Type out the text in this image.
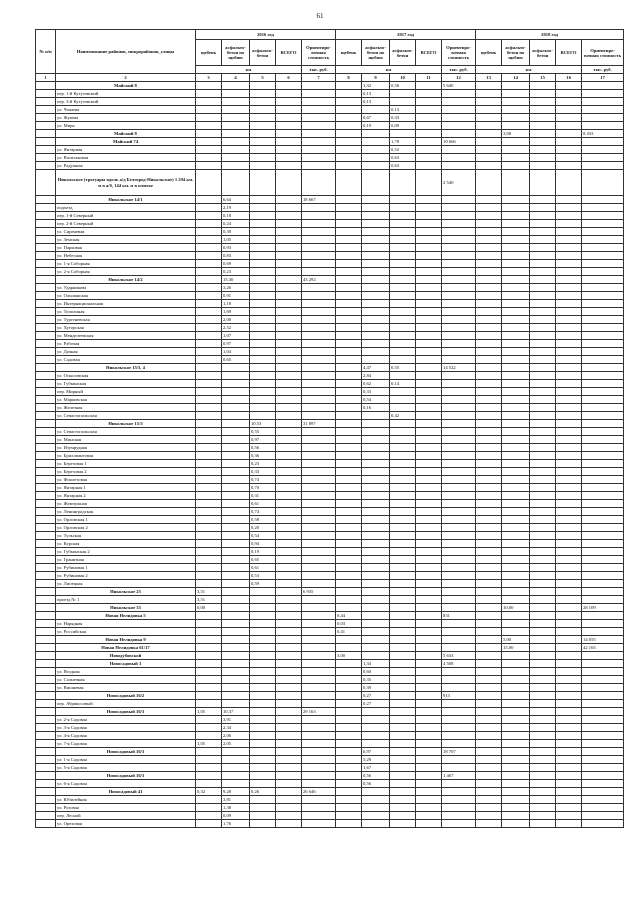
61
№ п/п	Наименование районов, микрорайонов, улицы	2016 год					2017 год					2018 год				
		щебень	асфальто-бетон по щебню	асфальто-бетон	ВСЕГО	Ориентиро-вочная стоимость	щебень	асфальто-бетон по щебню	асфальто-бетон	ВСЕГО	Ориентиро-вочная стоимость	щебень	асфальто-бетон по щебню	асфальто-бетон	ВСЕГО	Ориентиро-вочная стоимость
		км				тыс. руб.	км				тыс. руб.	км				тыс. руб.
1	2	3	4	5	6	7	8	9	10	11	12	13	14	15	16	17
	Майский 8							1,32	0,56		5 640					
	пер. 1-й Кутузовский							0,13								
	пер. 3-й Кутузовский							0,13								
	ул. Чапаева								0,13							
	ул. Жукова							0,67	0,33							
	ул. Мира							0,19	0,09							
	Майский 8												3,08			8 433
	Майский 74								1,78		10 666					
	ул. Янтарная								0,52							
	ул. Васильковая								0,63							
	ул. Радужная								0,63							
	Никольское (тротуары вдоль а/д Белгород-Никольское) 1 294 км. м в а/б, 144 км. м в плитке										2 540					
	Никольское 14/1		6,64			18 667										
	подъезд		2,19													
	пер. 1-й Северный		0,18													
	пер. 2-й Северный		0,24													
	ул. Сиреневая		0,30													
	ул. Земская		1,05													
	ул. Парковая		0,93													
	ул. Небесная		0,83													
	ул. 1-я Соборная		0,69													
	ул. 2-я Соборная		0,23													
	Никольское 14/2		15,30			43 292										
	ул. Ударникова		3,26													
	ул. Ольшанская		0,91													
	ул. Интернациональная		1,18													
	ул. Тополиная		1,69													
	ул. Тургеневская		2,00													
	ул. Хуторская		2,52													
	ул. Менделеевская		1,07													
	ул. Рабочая		0,97													
	ул. Дачная		1,04													
	ул. Садовая		0,65													
	Никольское 15/3, 4							4,47	0,55		14 522					
	ул. Осколовская							2,84								
	ул. Губкинская							0,62	0,14							
	пер. Мирный							0,33								
	ул. Марковская							0,54								
	ул. Железная							0,16								
	ул. Севастопольская								0,42							
	Никольское 15/3			10,53		31 897										
	ул. Севастопольская			0,55												
	ул. Минская			0,97												
	ул. Изумрудная			0,56												
	ул. Бриллиантовая			0,36												
	ул. Березовая 1			0,23												
	ул. Березовая 2			0,33												
	ул. Фиолетовая			0,74												
	ул. Янтарная 1			0,70												
	ул. Янтарная 2			0,31												
	ул. Жемчужная			0,61												
	ул. Ленинградская			0,74												
	ул. Орловская 1			0,58												
	ул. Орловская 2			0,20												
	ул. Тульская			0,54												
	ул. Курская			0,94												
	ул. Губкинская 2			0,19												
	ул. Гранитная			0,65												
	ул. Рубиновая 1			0,61												
	ул. Рубиновая 2			0,53												
	ул. Липецкая			0,59												
	Никольское 25	3,51				6 935										
	проезд № 1	3,51														
	Никольское 35	0,00											10,00			28 109
	Новая Нелидовка 5						0,44				831					
	ул. Нарядная						0,03									
	ул. Российская						0,41									
	Новая Нелидовка 9												5,00			14 055
	Новая Нелидовка 61/17												15,00			42 165
	Новодубовской						3,00				5 633					
	Новосадовый 3							1,34			4 508					
	ул. Ягодная							0,60								
	ул. Солнечная							0,35								
	ул. Вишневая							0,39								
	Новосадовый 16/2							0,27			913					
	пер. Абрикосовый							0,27								
	Новосадовый 16/3	1,05	10,37			29 163										
	ул. 2-я Садовая		3,91													
	ул. 3-я Садовая		2,34													
	ул. 4-я Садовая		2,06													
	ул. 7-я Садовая	1,05	2,05													
	Новосадовый 16/3							6,97			18 767					
	ул. 1-я Садовая							5,29								
	ул. 5-я Садовая							1,67								
	Новосадовый 16/3							0,56			1 467					
	ул. 6-я Садовая							0,56								
	Новосадовый 41	0,32	9,28	0,26		26 646										
	ул. Юбилейная		3,81													
	ул. Розовая		1,38													
	пер. Лесной		0,09													
	ул. Ореховая		1,76													
